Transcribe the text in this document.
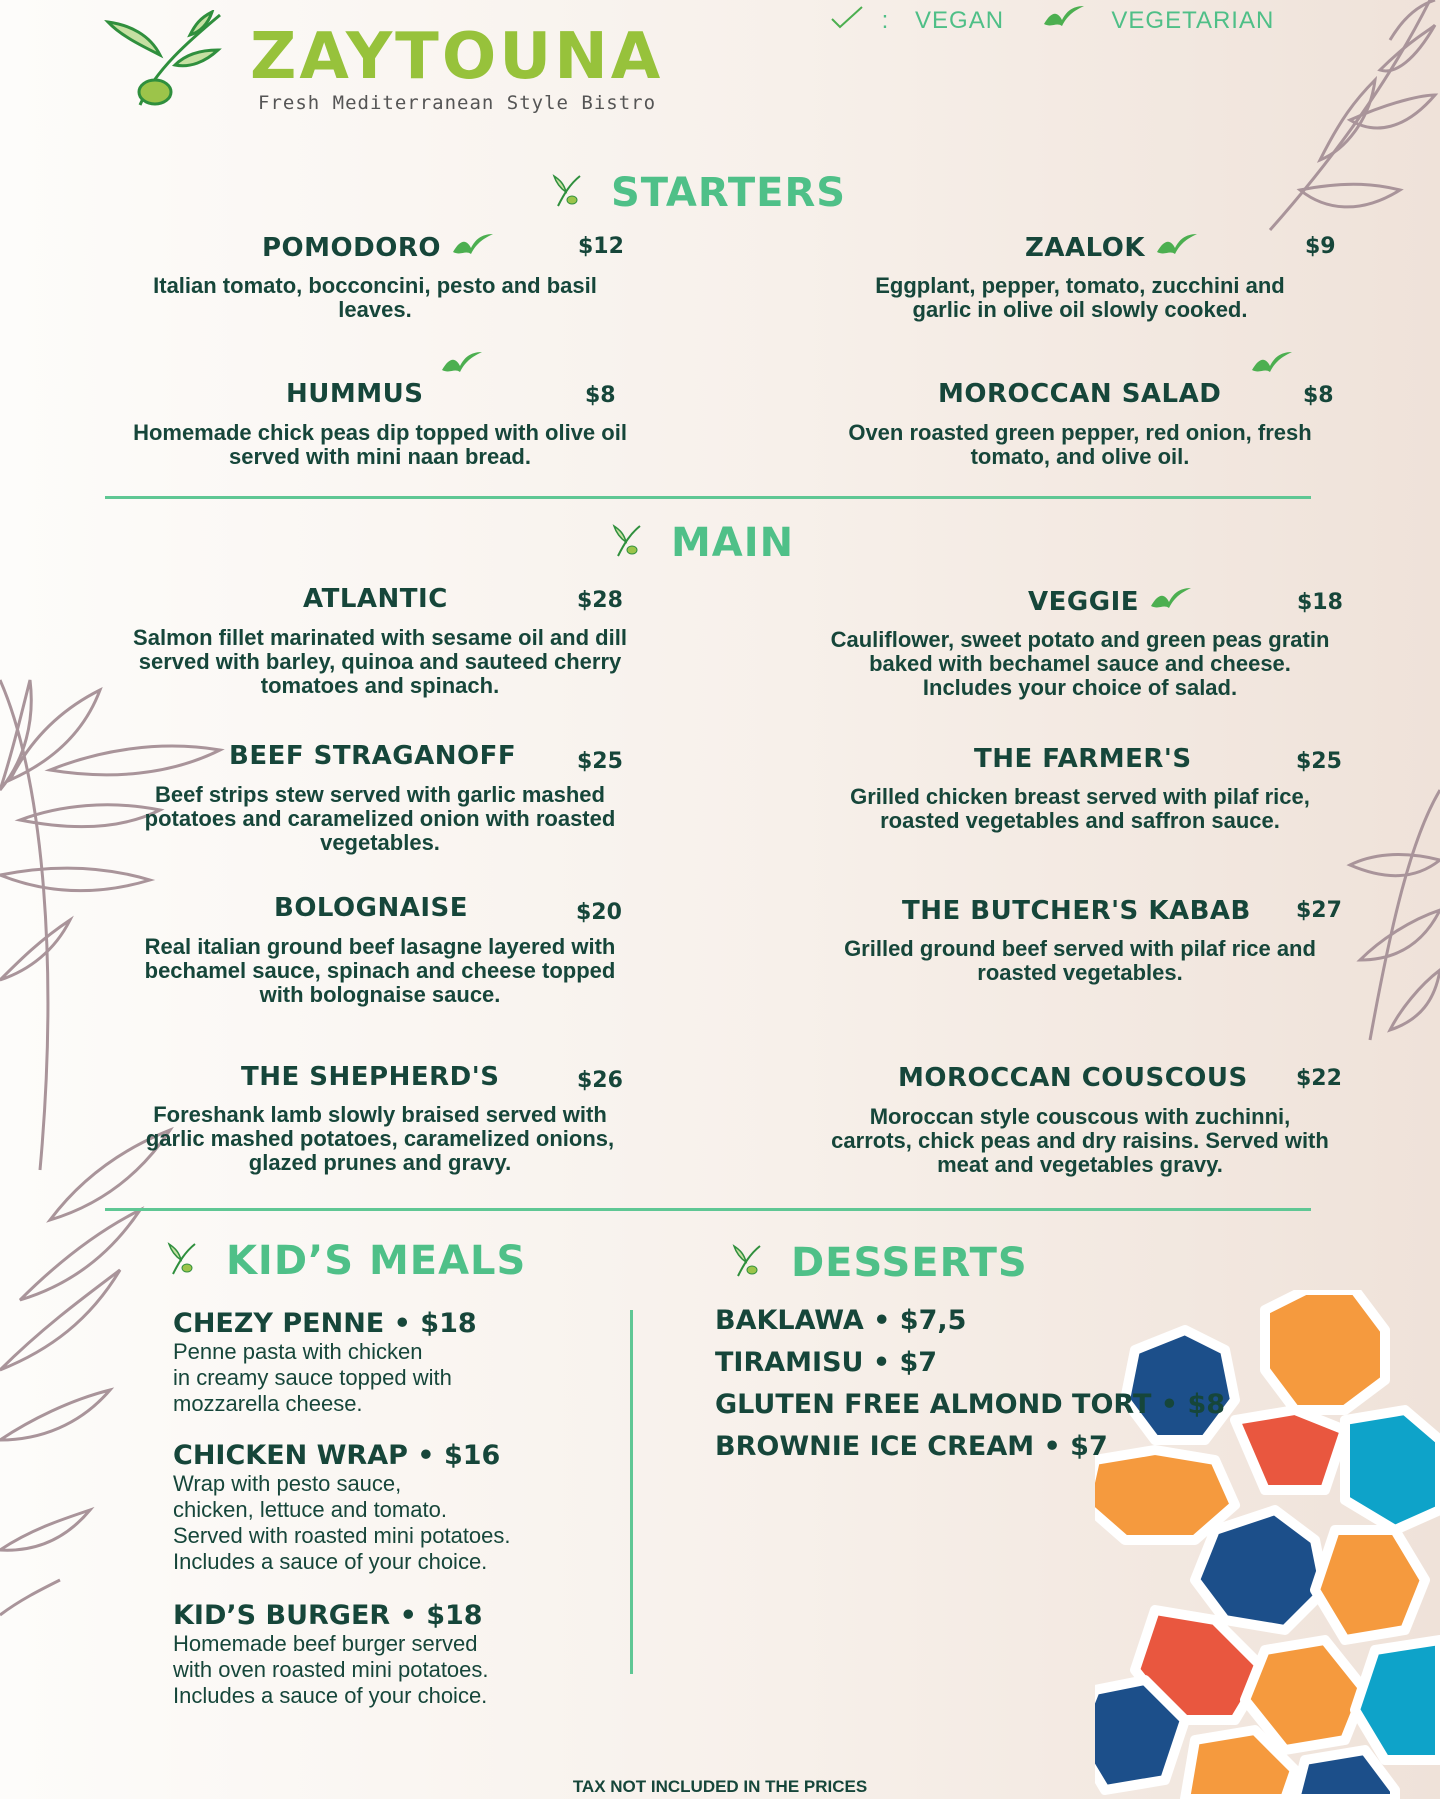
ZAYTOUNA
Fresh Mediterranean Style Bistro
: VEGAN	VEGETARIAN
STARTERS
POMODORO	$12
Italian tomato, bocconcini, pesto and basil leaves.
ZAALOK	$9
Eggplant, pepper, tomato, zucchini and garlic in olive oil slowly cooked.
HUMMUS	$8
Homemade chick peas dip topped with olive oil served with mini naan bread.
MOROCCAN SALAD	$8
Oven roasted green pepper, red onion, fresh tomato, and olive oil.
MAIN
ATLANTIC	$28
Salmon fillet marinated with sesame oil and dill served with barley, quinoa and sauteed cherry tomatoes and spinach.
VEGGIE	$18
Cauliflower, sweet potato and green peas gratin baked with bechamel sauce and cheese. Includes your choice of salad.
BEEF STRAGANOFF	$25
Beef strips stew served with garlic mashed potatoes and caramelized onion with roasted vegetables.
THE FARMER'S	$25
Grilled chicken breast served with pilaf rice, roasted vegetables and saffron sauce.
BOLOGNAISE	$20
Real italian ground beef lasagne layered with bechamel sauce, spinach and cheese topped with bolognaise sauce.
THE BUTCHER'S KABAB $27
Grilled ground beef served with pilaf rice and roasted vegetables.
THE SHEPHERD'S	$26
Foreshank lamb slowly braised served with garlic mashed potatoes, caramelized onions, glazed prunes and gravy.
MOROCCAN COUSCOUS $22
Moroccan style couscous with zuchinni, carrots, chick peas and dry raisins. Served with meat and vegetables gravy.
KID’S MEALS
CHEZY PENNE • $18
Penne pasta with chicken
in creamy sauce topped with
mozzarella cheese.
CHICKEN WRAP • $16
Wrap with pesto sauce,
chicken, lettuce and tomato.
Served with roasted mini potatoes.
Includes a sauce of your choice.
KID’S BURGER • $18
Homemade beef burger served
with oven roasted mini potatoes.
Includes a sauce of your choice.
DESSERTS
BAKLAWA • $7,5
TIRAMISU • $7
GLUTEN FREE ALMOND TORT • $8
BROWNIE ICE CREAM • $7
TAX NOT INCLUDED IN THE PRICES
